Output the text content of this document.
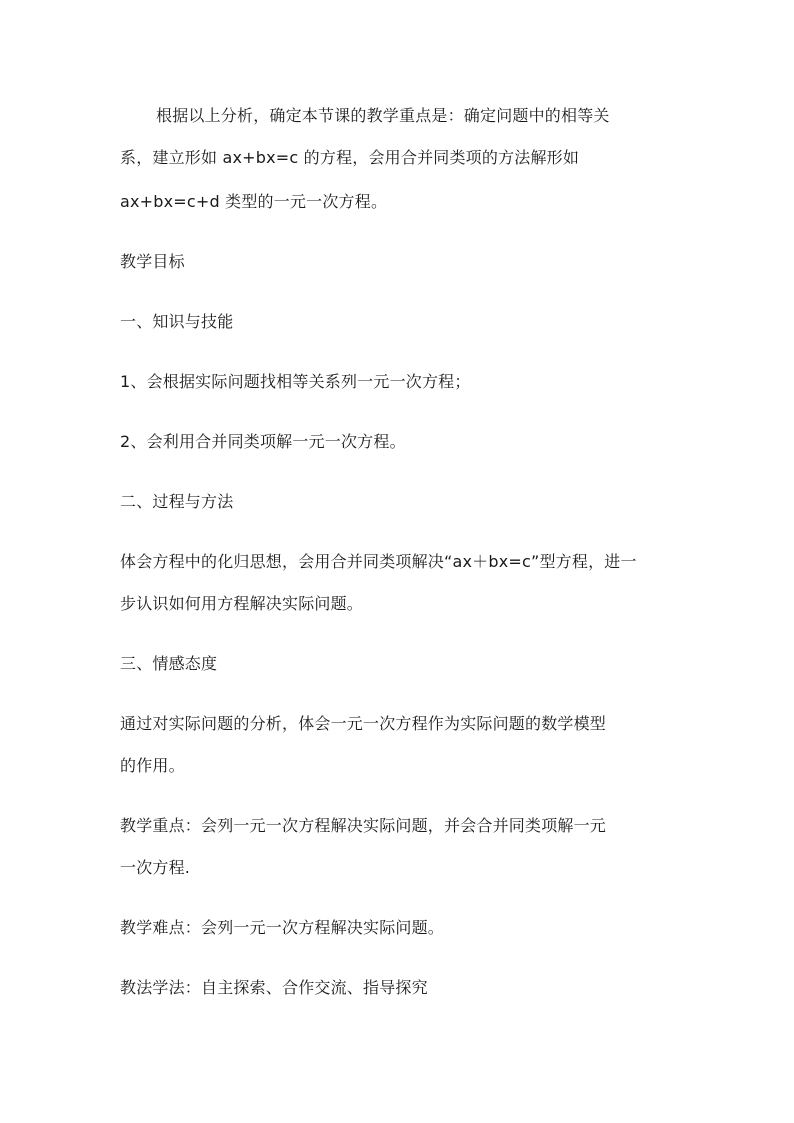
根据以上分析，确定本节课的教学重点是：确定问题中的相等关
系，建立形如 ax+bx=c 的方程，会用合并同类项的方法解形如
ax+bx=c+d 类型的一元一次方程。
教学目标
一、知识与技能
1、会根据实际问题找相等关系列一元一次方程；
2、会利用合并同类项解一元一次方程。
二、过程与方法
体会方程中的化归思想，会用合并同类项解决“ax＋bx=c”型方程，进一
步认识如何用方程解决实际问题。
三、情感态度
通过对实际问题的分析，体会一元一次方程作为实际问题的数学模型
的作用。
教学重点：会列一元一次方程解决实际问题，并会合并同类项解一元
一次方程.
教学难点：会列一元一次方程解决实际问题。
教法学法：自主探索、合作交流、指导探究
